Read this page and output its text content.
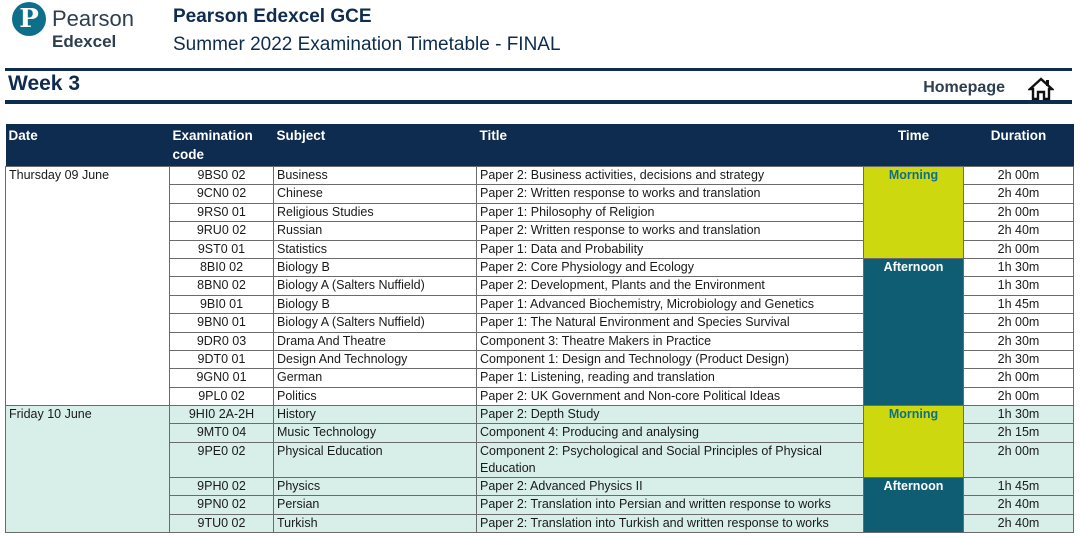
P Pearson
Edexcel
Pearson Edexcel GCE
Summer 2022 Examination Timetable - FINAL
Week 3	Homepage
Date	Examination code	Subject	Title	Time	Duration
Thursday 09 June	9BS0 02	Business	Paper 2: Business activities, decisions and strategy	Morning	2h 00m
	9CN0 02	Chinese	Paper 2: Written response to works and translation		2h 40m
	9RS0 01	Religious Studies	Paper 1: Philosophy of Religion		2h 00m
	9RU0 02	Russian	Paper 2: Written response to works and translation		2h 40m
	9ST0 01	Statistics	Paper 1: Data and Probability		2h 00m
	8BI0 02	Biology B	Paper 2: Core Physiology and Ecology	Afternoon	1h 30m
	8BN0 02	Biology A (Salters Nuffield)	Paper 2: Development, Plants and the Environment		1h 30m
	9BI0 01	Biology B	Paper 1: Advanced Biochemistry, Microbiology and Genetics		1h 45m
	9BN0 01	Biology A (Salters Nuffield)	Paper 1: The Natural Environment and Species Survival		2h 00m
	9DR0 03	Drama And Theatre	Component 3: Theatre Makers in Practice		2h 30m
	9DT0 01	Design And Technology	Component 1: Design and Technology (Product Design)		2h 30m
	9GN0 01	German	Paper 1: Listening, reading and translation		2h 00m
	9PL0 02	Politics	Paper 2: UK Government and Non-core Political Ideas		2h 00m
Friday 10 June	9HI0 2A-2H	History	Paper 2: Depth Study	Morning	1h 30m
	9MT0 04	Music Technology	Component 4: Producing and analysing		2h 15m
	9PE0 02	Physical Education	Component 2: Psychological and Social Principles of Physical Education		2h 00m
	9PH0 02	Physics	Paper 2: Advanced Physics II	Afternoon	1h 45m
	9PN0 02	Persian	Paper 2: Translation into Persian and written response to works		2h 40m
	9TU0 02	Turkish	Paper 2: Translation into Turkish and written response to works		2h 40m
